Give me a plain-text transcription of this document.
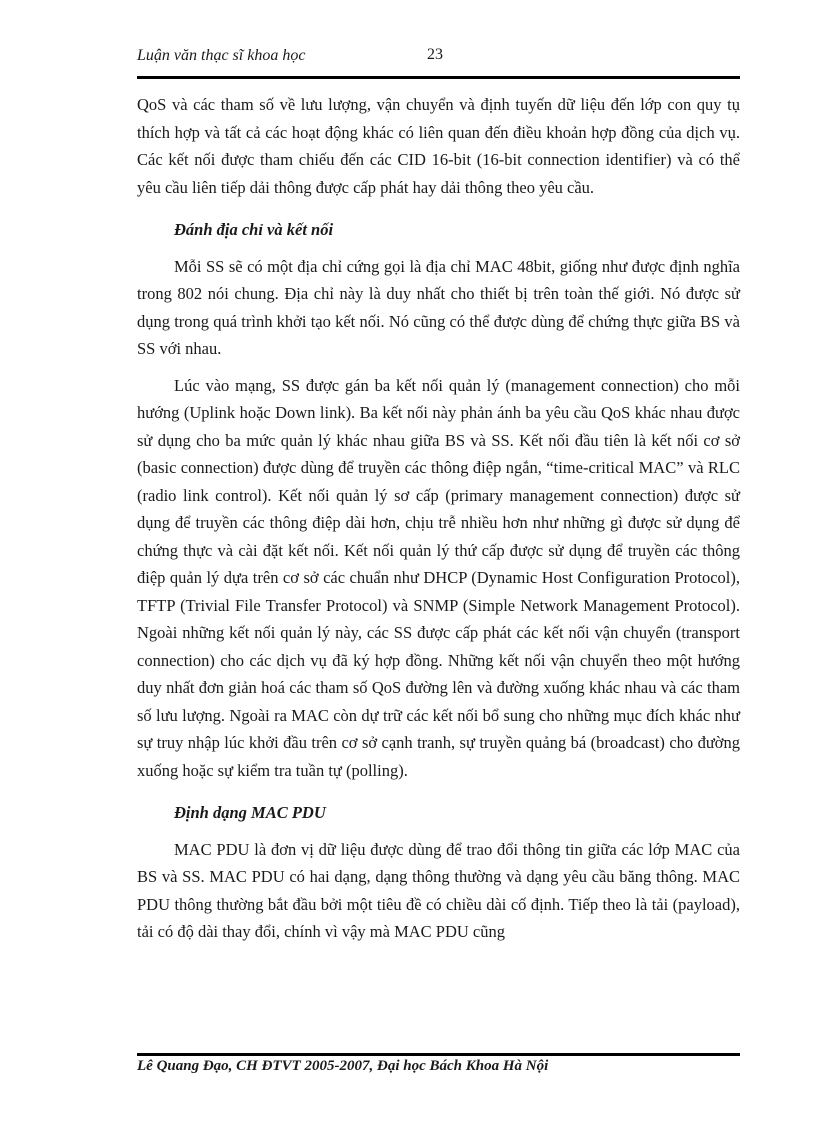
Luận văn thạc sĩ khoa học	23

QoS và các tham số về lưu lượng, vận chuyển và định tuyến dữ liệu đến lớp con quy tụ thích hợp và tất cả các hoạt động khác có liên quan đến điều khoản hợp đồng của dịch vụ. Các kết nối được tham chiếu đến các CID 16-bit (16-bit connection identifier) và có thể yêu cầu liên tiếp dải thông được cấp phát hay dải thông theo yêu cầu.

Đánh địa chỉ và kết nối

Mỗi SS sẽ có một địa chỉ cứng gọi là địa chỉ MAC 48bit, giống như được định nghĩa trong 802 nói chung. Địa chỉ này là duy nhất cho thiết bị trên toàn thế giới. Nó được sử dụng trong quá trình khởi tạo kết nối. Nó cũng có thể được dùng để chứng thực giữa BS và SS với nhau.

Lúc vào mạng, SS được gán ba kết nối quản lý (management connection) cho mỗi hướng (Uplink hoặc Down link). Ba kết nối này phản ánh ba yêu cầu QoS khác nhau được sử dụng cho ba mức quản lý khác nhau giữa BS và SS. Kết nối đầu tiên là kết nối cơ sở (basic connection) được dùng để truyền các thông điệp ngắn, “time-critical MAC” và RLC (radio link control). Kết nối quản lý sơ cấp (primary management connection) được sử dụng để truyền các thông điệp dài hơn, chịu trễ nhiều hơn như những gì được sử dụng để chứng thực và cài đặt kết nối. Kết nối quản lý thứ cấp được sử dụng để truyền các thông điệp quản lý dựa trên cơ sở các chuẩn như DHCP (Dynamic Host Configuration Protocol), TFTP (Trivial File Transfer Protocol) và SNMP (Simple Network Management Protocol). Ngoài những kết nối quản lý này, các SS được cấp phát các kết nối vận chuyển (transport connection) cho các dịch vụ đã ký hợp đồng. Những kết nối vận chuyển theo một hướng duy nhất đơn giản hoá các tham số QoS đường lên và đường xuống khác nhau và các tham số lưu lượng. Ngoài ra MAC còn dự trữ các kết nối bổ sung cho những mục đích khác như sự truy nhập lúc khởi đầu trên cơ sở cạnh tranh, sự truyền quảng bá (broadcast) cho đường xuống hoặc sự kiểm tra tuần tự (polling).

Định dạng MAC PDU

MAC PDU là đơn vị dữ liệu được dùng để trao đổi thông tin giữa các lớp MAC của BS và SS. MAC PDU có hai dạng, dạng thông thường và dạng yêu cầu băng thông. MAC PDU thông thường bắt đầu bởi một tiêu đề có chiều dài cố định. Tiếp theo là tải (payload), tải có độ dài thay đổi, chính vì vậy mà MAC PDU cũng

Lê Quang Đạo, CH ĐTVT 2005-2007, Đại học Bách Khoa Hà Nội
